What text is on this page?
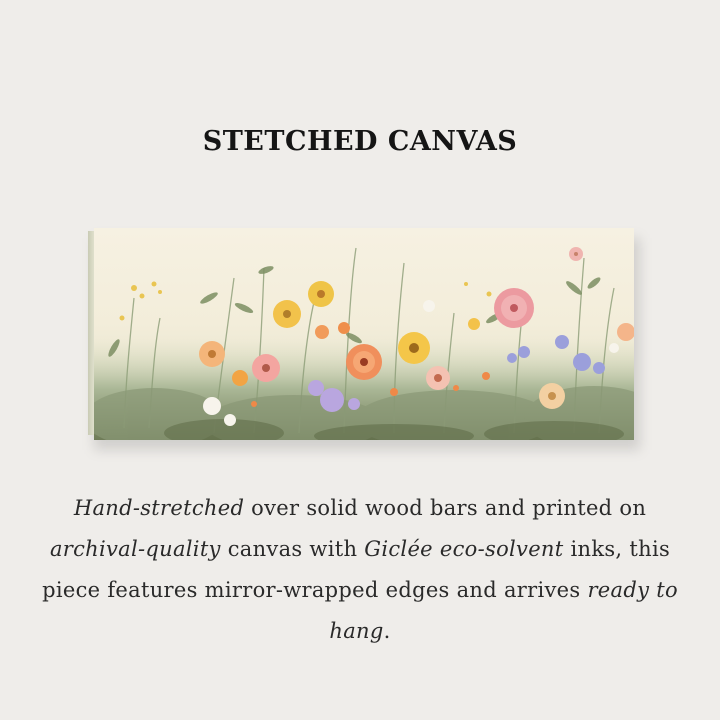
STETCHED CANVAS
Hand-stretched over solid wood bars and printed on archival-quality canvas with Giclée eco-solvent inks, this piece features mirror-wrapped edges and arrives ready to hang.
